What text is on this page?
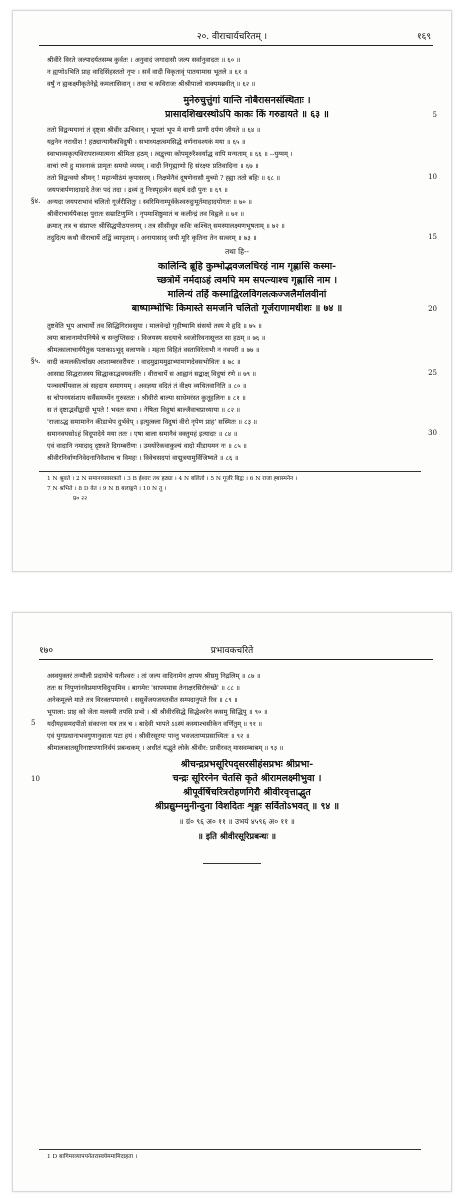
२०. वीराचार्यचरितम् ।	१६९
श्रीवीरे विरते जल्पादर्यतसम्ब कुर्वतः । अनुवादं जगादासौ जल्प सर्वानुवादतः ॥ ६० ॥
न ह्यणोऽभिति प्राह वादिसिंहस्ततो नृपः । सर्वं वादी विकृतावृं पातयामास भूतले ॥ ६१ ॥
वर्षुं न ह्यकक्ष्मीकृतेनेह्ने कमलासिवान् । तथा च कविराजः श्रीश्रीपालो वाक्यमब्रवीत् ॥ ६२ ॥
मुनेरुचुत्तुंगां यान्ति नोबैरासनसंस्थिताः ।
प्रासादशिखरस्थोऽपि काकः किं गरुडायते ॥ ६३ ॥	5
ततो विद्वन्मयानां तं दृष्ट्वा श्रीवीर ऊचिवान् । भूपतां भूप मे वाणी प्राणी दर्पण जीयते ॥ ६४ ॥
यद्गनेन नराधीश ! हठ्यान्यायैकविदुषी । सभाध्यक्षत्वमसिद्धे वर्णनावश्यकं मया ॥ ६५ ॥
स्वाभाव्यकृत्यविरापराव्यात्मना श्रीमिता हठम् । त्वद्वृत्त्या कोपमूरुरैश्वर्याद्ध वापि मन्यताम् ॥ ६६ ॥ --युग्मम् ।
वाचां रणे हु मावनाकं प्रामृतः समयो व्ययम् । वादी निगृह्माणो हि संरक्ष्यः प्रतिवादिना ॥ ६७ ॥
ततो विद्वन्वयो श्रीमन् ! महान्मीठंमं कृपासरम् । निक्षमेनैवं दूषणेनासौ मुच्यो ? ह्ह्या ततो बहिः ॥ ६८ ॥	10
जयपत्रार्पणादादादे तेजः पदं तदा । द्रव्यं तु निःस्पृहत्वेन सहर्ष ददौ पुनः ॥ ६९ ॥
§४. अन्यदा जयपराभावं चलितो गूर्जरीशितुः । स्वरिमिनाम्पूर्वकेश्वरुदुःमूर्तमाहादयोगतः ॥ ७० ॥
श्रीवीराचार्यपैकाक्ष पुरातः सम्राटिणुम्नि । नृपमाशिष्ठुमातं च कलीन्द्रं तव विह्वले ॥ ७१ ॥
क्रमात् तत्र च संप्राप्तः श्रीसिद्धपीठपत्तनम् । तत्र सीसीधूव कविः कश्चित् समस्यालक्ष्मणभूषताम् ॥ ७२ ॥
तदुदित्य कथौ वीराचार्ये तद्विं व्यापृताम् । अनायासाद् जयी मूरि कृतिना तेन सत्वरम् ॥ ७३ ॥	15
तथा हि--
कालिन्दि ब्रूहि कुम्भोद्भवजलधिरहं नाम गृह्णासि कस्मा-
च्छत्रोर्मे नर्मदाऽहं त्वमपि मम सपत्न्याश्च गृह्णासि नाम ।
मालिन्यं तर्हि कस्माद्विरलविगलत्कज्जलैर्मालवीनां
बाष्पाम्भोभिः किमास्ते समजनि चलितो गूर्जराणामधीशः ॥ ७४ ॥	20
तुष्टवेति भूप आचार्यो तव सिद्धिगिरावसुया । मालवेन्द्रो गृहीष्यामि संसयो तस्य मे हृदि ॥ ७५ ॥
त्वया बालानामोपनिषेवे च सन्तुप्तिसदः । विजयस्य सदयाचे ध्वजोरिवनासूत्तत सा हठम् ॥ ७६ ॥
श्रीमत्कालाचार्यपैतुक पताकाऽभूद् वलाणके । महता विहितं वस्ताविरेताभी न नवपरी ॥ ७७ ॥
§५. वादी कमलकीर्त्याख्य आशाम्बरवरीयरः । वादमुद्राममुद्राभ्यामाणदेवसभोवितः ॥ ७८ ॥
आसाद्य सिद्धराजस्य सिद्धाकाद्भवयवर्तरिः । वीराचार्ये स आह्वानं सद्बाक्ष् विदुषां रणे ॥ ७९ ॥	25
पञ्चवर्षीयवाल त्वं सहदाय समागमम् । अवज्ञया वदितं तं वीक्ष्य व्यथितवानिति ॥ ८० ॥
स चोपनयसंशाय सर्वैसमर्थ्येन गुरुस्ततः । श्रीवीरो बाल्या साधेमरंस्त कुतूहलिनः ॥ ८१ ॥
स तं दृष्टाद्भवीद्वादी भूपते ! भवतः सभा । नेषिता विदुषां बाल्जैवाचप्राध्याया ॥ ८२ ॥
'राजाऽद्ध समामानेन कीडाभेप दुर्भवेप् । इत्युत्क्ला विदुषां वीरो नृपेण प्राह' सस्मितः ॥ ८३ ॥
समानवयसोऽहं विदूपादेये मया ततः । एषा बाला समानैवं वक्तुमहं इत्यादाः ॥ ८४ ॥	30
एवं वादानि नमादाद् दृष्टवते दिगम्बरीणः । उमयोरेकवाकुल्यं वादो मीडायमन नः ॥ ८५ ॥
श्रीवीरनिर्वाणनिवेदनानिवैशाच च विमहः । विवेचसदपां वाद्मुत्रयामुर्विजिष्यते ॥ ८६ ॥
1 N श्रुवते । 2 N समानध्यवसत्रतो । 3 B ईश्वरः तथ हठ्या । 4 N बलितो । 5 N गूर्जरे बिद्वः । 6 N राजा ह्बास्मनेन ।
7 N श्रभिते । 8 D वेत । 9 N B बलाङ्गने । 10 N तु ।
प्र० २२
१७०	प्रभावकचरिते
अस्वयुक्तरं तन्मौली प्रदायोचे यतीश्वरः । तां जल्प वादिनामेन क्षापय श्रीघ्रमु निद्रलिम् ॥ ८७ ॥
ततः स निपुणांनवैप्रमाणविदुपामिव । बागमेरः 'सापयमास तेनाक्षरसिरोरुच्छे' ॥ ८८ ॥
अनेकमूल्ले माते तत्र विरक्तपमानसे । ससुर्वेजयजयतवीत सम्पदानुपते रिव ॥ ८९ ॥
भूपाला: प्राह को जेता मलस्मी तपसि प्रभो । श्री श्रीवीरसिद्धे सिद्धेश्वरेन कसमु सिद्धिपु ॥ ९० ॥
5 यदीयहसमदपीतो संकान्ता यत्र तत्र च । बादेवी भापते ऽऽस्यं कस्याश्चसीकेन वर्णितुम् ॥ ९१ ॥
एवं युगप्रधानाभवगुणानुवाता पटा हयं । श्रीवीरसूरयः पान्तु भवजताप्यप्रसाध्यितः ॥ ९२ ॥
श्रीमालकातसूरिनाष्टपणानिर्वयं प्रबन्धकम् । अधीतं यद्भुते लोके श्रीवीर: प्रावीरवत् मासवम्बाबम् ॥ ९३ ॥
श्रीचन्द्रप्रभसूरिपद्‌सरसीहंसप्रभः श्रीप्रभा-
चन्द्रः सूरिरनेन चेतसि कृते श्रीरामलक्ष्मीभुवा ।
10
श्रीपूर्वर्षिचरित्ररोहणगिरौ श्रीवीरवृत्ताद्भुत
श्रीप्रद्युम्नमुनीन्दुना विशदितः शृङ्गः सर्वितोऽभवत् ॥ ९४ ॥
॥ ग्रं० ९६ अ० ११ ॥ उभयं ४५९६ अ० ११ ॥
॥ इति श्रीवीरसूरिप्रबन्धः ॥
1 D बागिमरव्यापयनेतरास्वयेममामिदाहता ।
